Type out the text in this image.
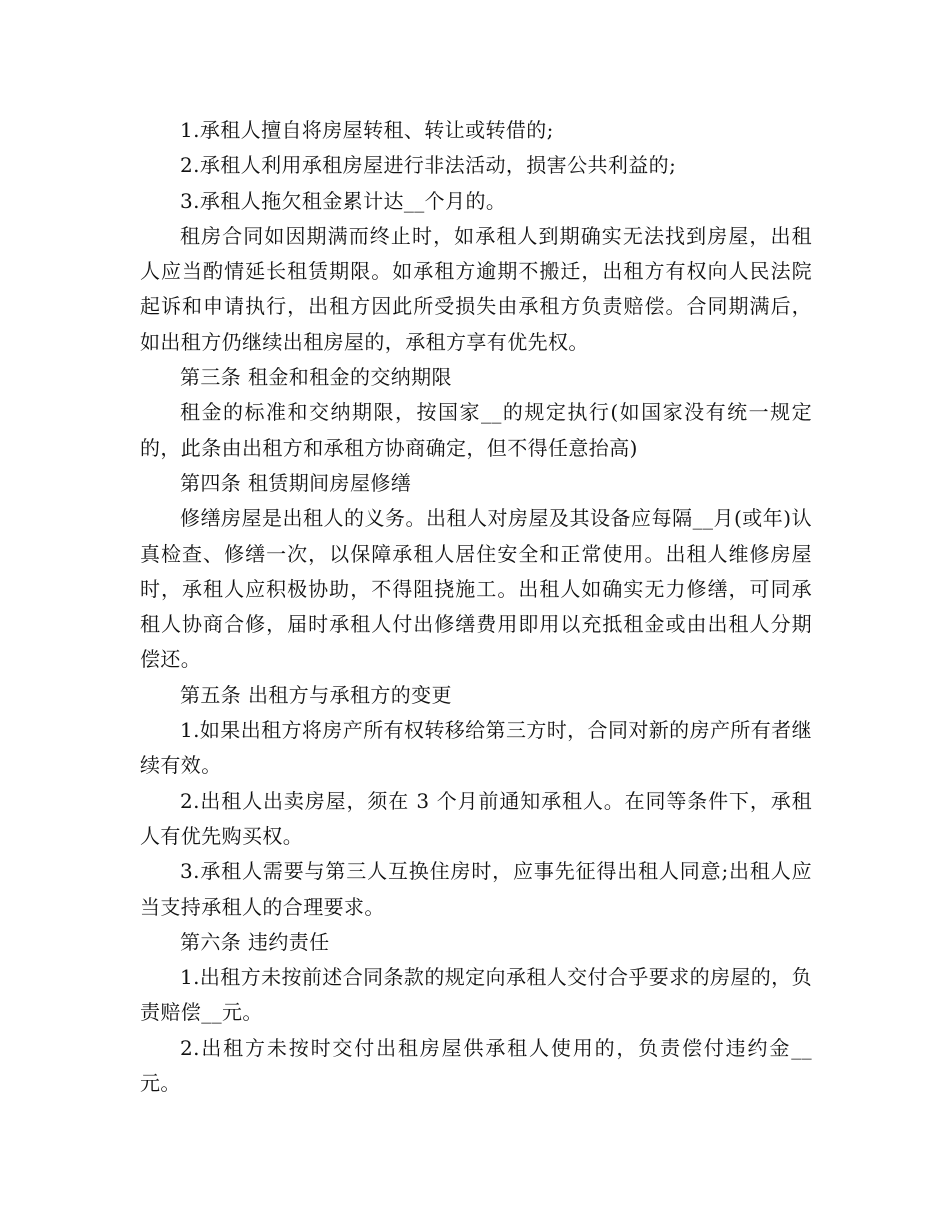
1.承租人擅自将房屋转租、转让或转借的;

2.承租人利用承租房屋进行非法活动，损害公共利益的;

3.承租人拖欠租金累计达__个月的。

租房合同如因期满而终止时，如承租人到期确实无法找到房屋，出租人应当酌情延长租赁期限。如承租方逾期不搬迁，出租方有权向人民法院起诉和申请执行，出租方因此所受损失由承租方负责赔偿。合同期满后，如出租方仍继续出租房屋的，承租方享有优先权。

第三条 租金和租金的交纳期限

租金的标准和交纳期限，按国家__的规定执行(如国家没有统一规定的，此条由出租方和承租方协商确定，但不得任意抬高)

第四条 租赁期间房屋修缮

修缮房屋是出租人的义务。出租人对房屋及其设备应每隔__月(或年)认真检查、修缮一次，以保障承租人居住安全和正常使用。出租人维修房屋时，承租人应积极协助，不得阻挠施工。出租人如确实无力修缮，可同承租人协商合修，届时承租人付出修缮费用即用以充抵租金或由出租人分期偿还。

第五条 出租方与承租方的变更

1.如果出租方将房产所有权转移给第三方时，合同对新的房产所有者继续有效。

2.出租人出卖房屋，须在 3 个月前通知承租人。在同等条件下，承租人有优先购买权。

3.承租人需要与第三人互换住房时，应事先征得出租人同意;出租人应当支持承租人的合理要求。

第六条 违约责任

1.出租方未按前述合同条款的规定向承租人交付合乎要求的房屋的，负责赔偿__元。

2.出租方未按时交付出租房屋供承租人使用的，负责偿付违约金__元。
